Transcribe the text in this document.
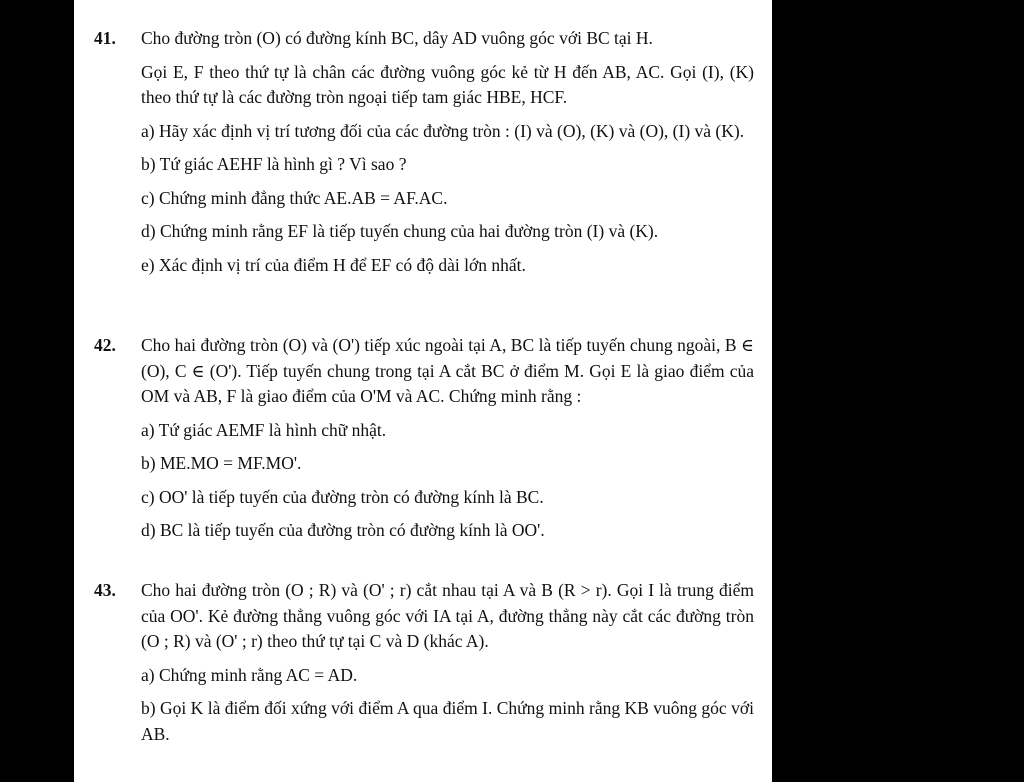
41. Cho đường tròn (O) có đường kính BC, dây AD vuông góc với BC tại H.

Gọi E, F theo thứ tự là chân các đường vuông góc kẻ từ H đến AB, AC. Gọi (I), (K) theo thứ tự là các đường tròn ngoại tiếp tam giác HBE, HCF.

a) Hãy xác định vị trí tương đối của các đường tròn : (I) và (O), (K) và (O), (I) và (K).

b) Tứ giác AEHF là hình gì ? Vì sao ?

c) Chứng minh đẳng thức AE.AB = AF.AC.

d) Chứng minh rằng EF là tiếp tuyến chung của hai đường tròn (I) và (K).

e) Xác định vị trí của điểm H để EF có độ dài lớn nhất.

42. Cho hai đường tròn (O) và (O') tiếp xúc ngoài tại A, BC là tiếp tuyến chung ngoài, B ∈ (O), C ∈ (O'). Tiếp tuyến chung trong tại A cắt BC ở điểm M. Gọi E là giao điểm của OM và AB, F là giao điểm của O'M và AC. Chứng minh rằng :

a) Tứ giác AEMF là hình chữ nhật.

b) ME.MO = MF.MO'.

c) OO' là tiếp tuyến của đường tròn có đường kính là BC.

d) BC là tiếp tuyến của đường tròn có đường kính là OO'.

43. Cho hai đường tròn (O ; R) và (O' ; r) cắt nhau tại A và B (R > r). Gọi I là trung điểm của OO'. Kẻ đường thẳng vuông góc với IA tại A, đường thẳng này cắt các đường tròn (O ; R) và (O' ; r) theo thứ tự tại C và D (khác A).

a) Chứng minh rằng AC = AD.

b) Gọi K là điểm đối xứng với điểm A qua điểm I. Chứng minh rằng KB vuông góc với AB.
